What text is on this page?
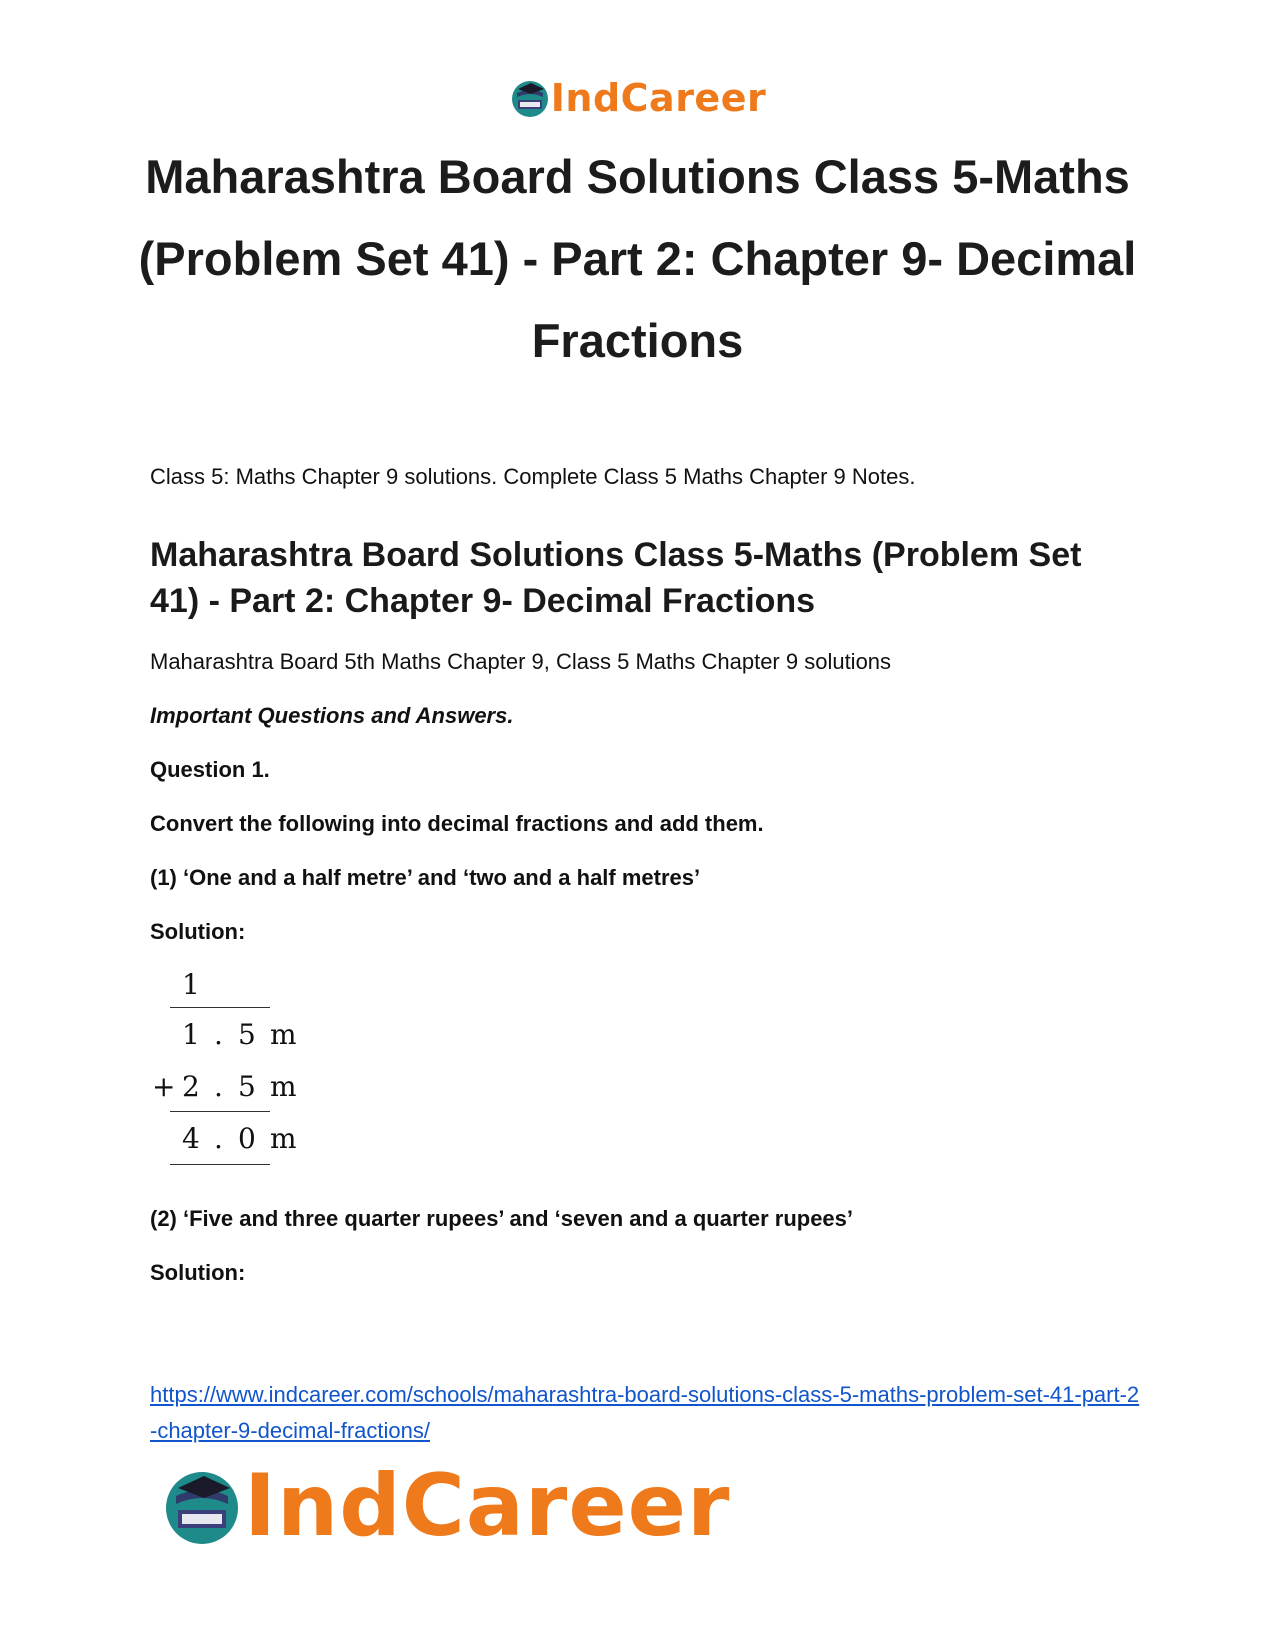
IndCareer
Maharashtra Board Solutions Class 5-Maths (Problem Set 41) - Part 2: Chapter 9- Decimal Fractions

Class 5: Maths Chapter 9 solutions. Complete Class 5 Maths Chapter 9 Notes.

Maharashtra Board Solutions Class 5-Maths (Problem Set 41) - Part 2: Chapter 9- Decimal Fractions

Maharashtra Board 5th Maths Chapter 9, Class 5 Maths Chapter 9 solutions

Important Questions and Answers.

Question 1.

Convert the following into decimal fractions and add them.

(1) ‘One and a half metre’ and ‘two and a half metres’

Solution:

1
1 . 5 m
+ 2 . 5 m
4 . 0 m

(2) ‘Five and three quarter rupees’ and ‘seven and a quarter rupees’

Solution:

https://www.indcareer.com/schools/maharashtra-board-solutions-class-5-maths-problem-set-41-part-2-chapter-9-decimal-fractions/
IndCareer
